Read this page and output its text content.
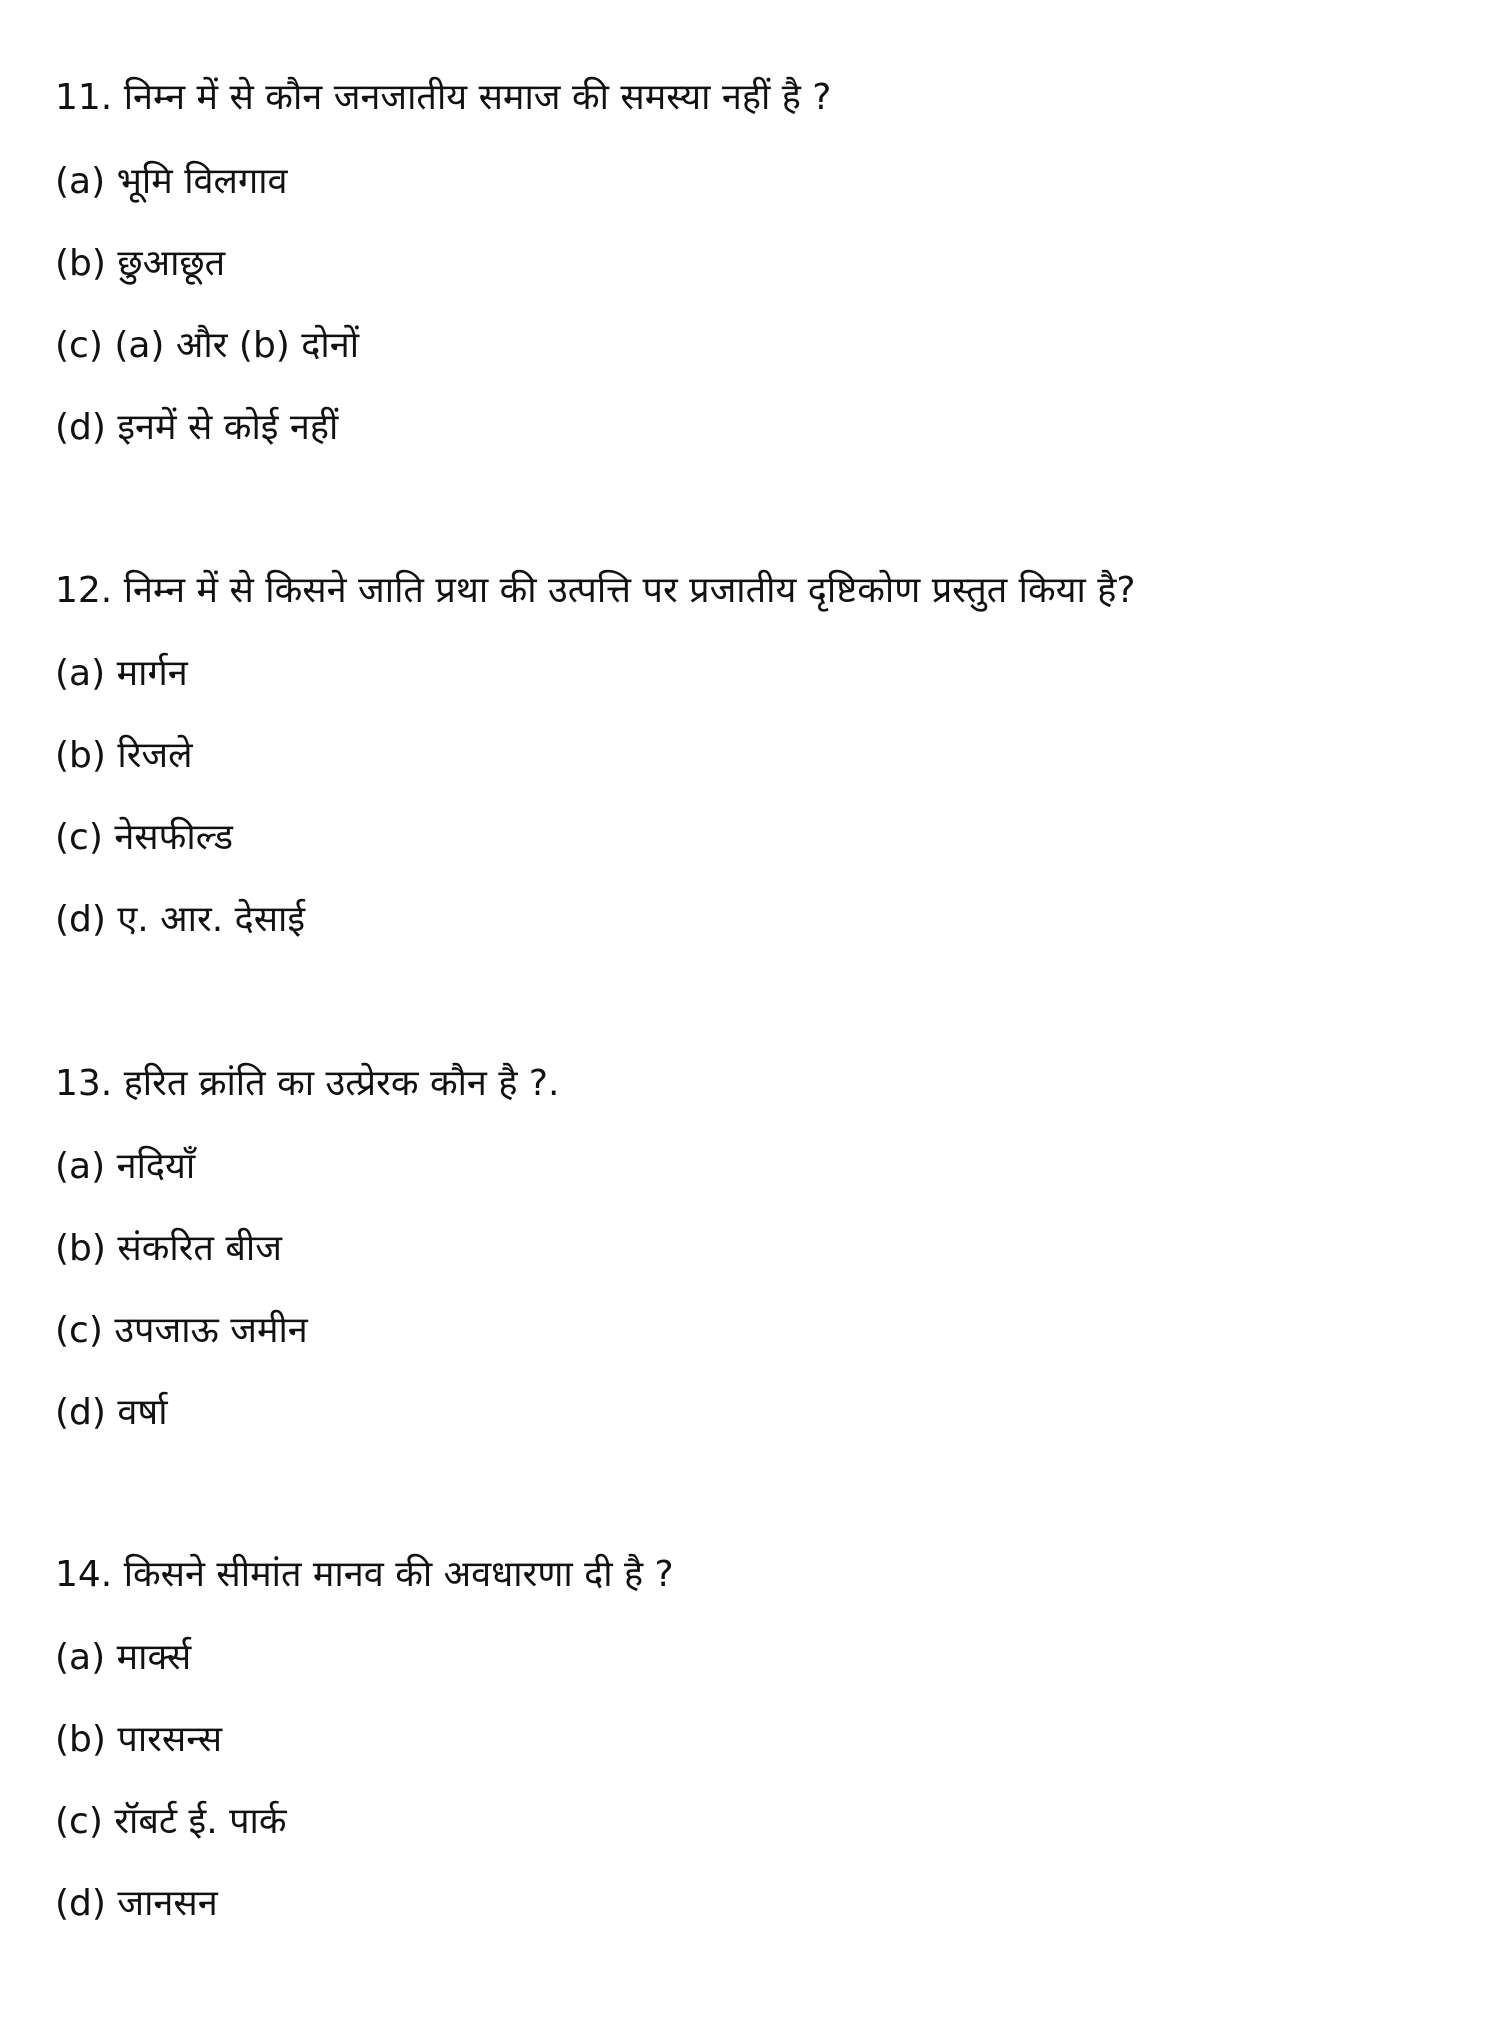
11. निम्न में से कौन जनजातीय समाज की समस्या नहीं है ?
(a) भूमि विलगाव
(b) छुआछूत
(c) (a) और (b) दोनों
(d) इनमें से कोई नहीं
12. निम्न में से किसने जाति प्रथा की उत्पत्ति पर प्रजातीय दृष्टिकोण प्रस्तुत किया है?
(a) मार्गन
(b) रिजले
(c) नेसफील्ड
(d) ए. आर. देसाई
13. हरित क्रांति का उत्प्रेरक कौन है ?.
(a) नदियाँ
(b) संकरित बीज
(c) उपजाऊ जमीन
(d) वर्षा
14. किसने सीमांत मानव की अवधारणा दी है ?
(a) मार्क्स
(b) पारसन्स
(c) रॉबर्ट ई. पार्क
(d) जानसन
